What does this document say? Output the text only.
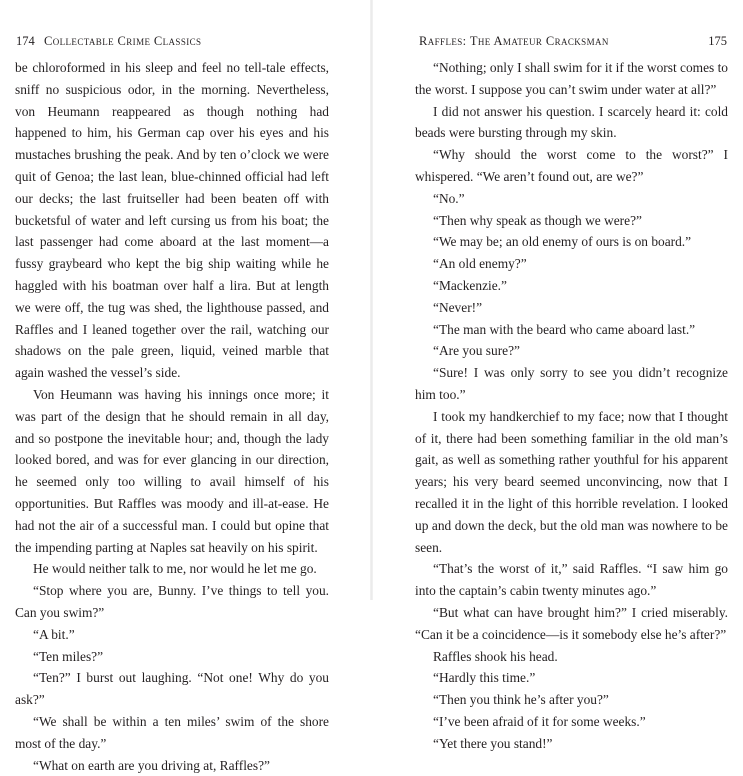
174 Collectable Crime Classics

be chloroformed in his sleep and feel no tell-tale effects, sniff no suspicious odor, in the morning. Nevertheless, von Heumann reappeared as though nothing had happened to him, his German cap over his eyes and his mustaches brushing the peak. And by ten o’clock we were quit of Genoa; the last lean, blue-chinned official had left our decks; the last fruitseller had been beaten off with bucketsful of water and left cursing us from his boat; the last passenger had come aboard at the last moment—a fussy graybeard who kept the big ship waiting while he haggled with his boatman over half a lira. But at length we were off, the tug was shed, the lighthouse passed, and Raffles and I leaned together over the rail, watching our shadows on the pale green, liquid, veined marble that again washed the vessel’s side.

Von Heumann was having his innings once more; it was part of the design that he should remain in all day, and so postpone the inevitable hour; and, though the lady looked bored, and was for ever glancing in our direction, he seemed only too willing to avail himself of his opportunities. But Raffles was moody and ill-at-ease. He had not the air of a successful man. I could but opine that the impending parting at Naples sat heavily on his spirit.

He would neither talk to me, nor would he let me go.

“Stop where you are, Bunny. I’ve things to tell you. Can you swim?”

“A bit.”

“Ten miles?”

“Ten?” I burst out laughing. “Not one! Why do you ask?”

“We shall be within a ten miles’ swim of the shore most of the day.”

“What on earth are you driving at, Raffles?”

Raffles: The Amateur Cracksman	175

“Nothing; only I shall swim for it if the worst comes to the worst. I suppose you can’t swim under water at all?”

I did not answer his question. I scarcely heard it: cold beads were bursting through my skin.

“Why should the worst come to the worst?” I whispered. “We aren’t found out, are we?”

“No.”

“Then why speak as though we were?”

“We may be; an old enemy of ours is on board.”

“An old enemy?”

“Mackenzie.”

“Never!”

“The man with the beard who came aboard last.”

“Are you sure?”

“Sure! I was only sorry to see you didn’t recognize him too.”

I took my handkerchief to my face; now that I thought of it, there had been something familiar in the old man’s gait, as well as something rather youthful for his apparent years; his very beard seemed unconvincing, now that I recalled it in the light of this horrible revelation. I looked up and down the deck, but the old man was nowhere to be seen.

“That’s the worst of it,” said Raffles. “I saw him go into the captain’s cabin twenty minutes ago.”

“But what can have brought him?” I cried miserably. “Can it be a coincidence—is it somebody else he’s after?”

Raffles shook his head.

“Hardly this time.”

“Then you think he’s after you?”

“I’ve been afraid of it for some weeks.”

“Yet there you stand!”
